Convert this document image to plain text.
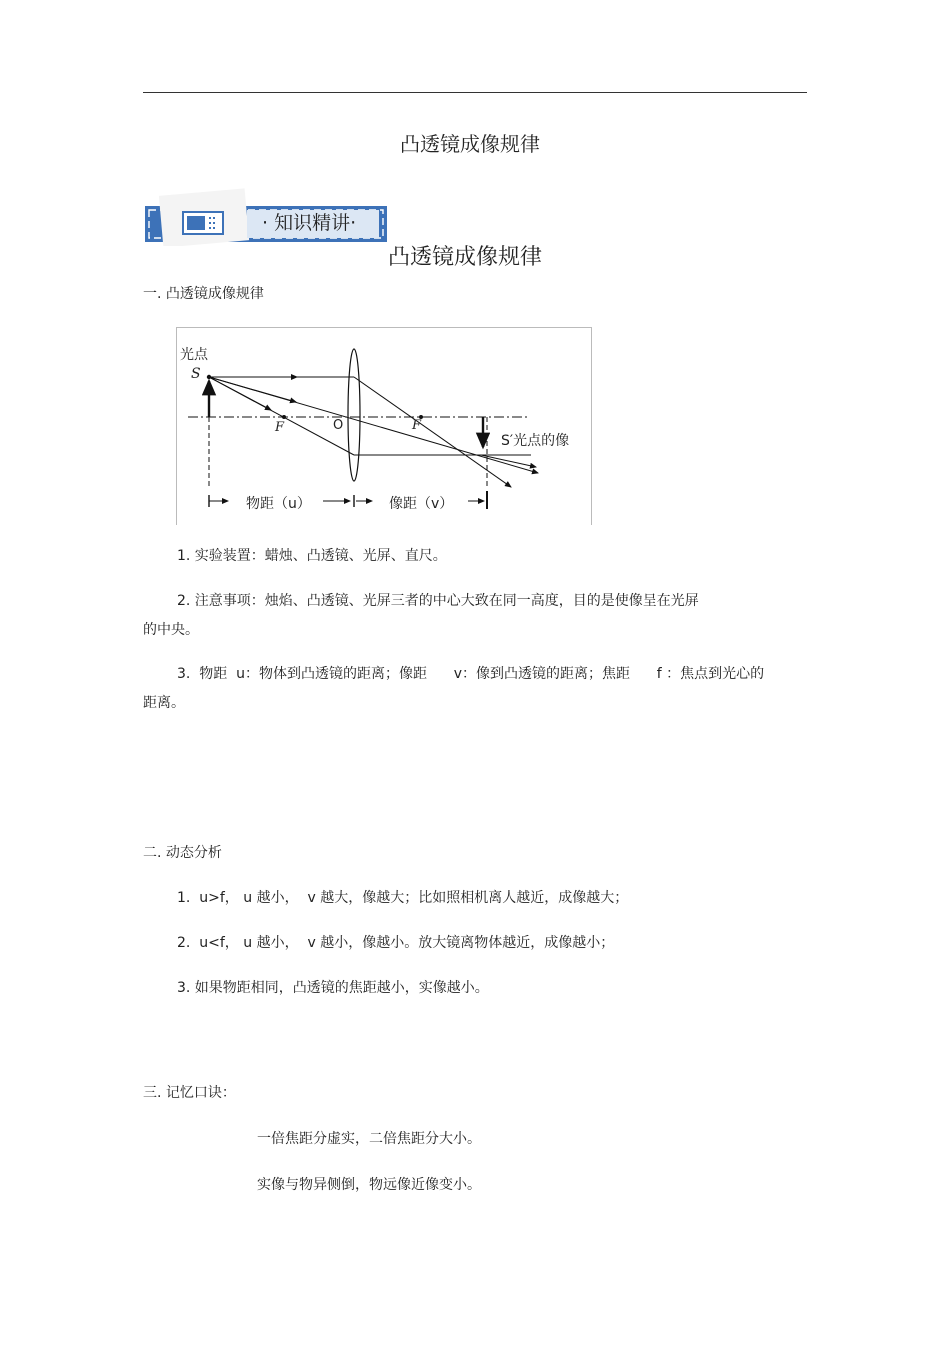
凸透镜成像规律
· 知识精讲·
凸透镜成像规律
一. 凸透镜成像规律
光点
S
F	O	F
S′光点的像
物距（u）	像距（v）
1. 实验装置：蜡烛、凸透镜、光屏、直尺。
2. 注意事项：烛焰、凸透镜、光屏三者的中心大致在同一高度，目的是使像呈在光屏
的中央。
3.  物距  u：物体到凸透镜的距离；像距      v：像到凸透镜的距离；焦距      f ：焦点到光心的
距离。
二. 动态分析
1.  u>f， u 越小，  v 越大，像越大；比如照相机离人越近，成像越大；
2.  u<f， u 越小，  v 越小，像越小。放大镜离物体越近，成像越小；
3. 如果物距相同，凸透镜的焦距越小，实像越小。
三. 记忆口诀：
一倍焦距分虚实，二倍焦距分大小。
实像与物异侧倒，物远像近像变小。
